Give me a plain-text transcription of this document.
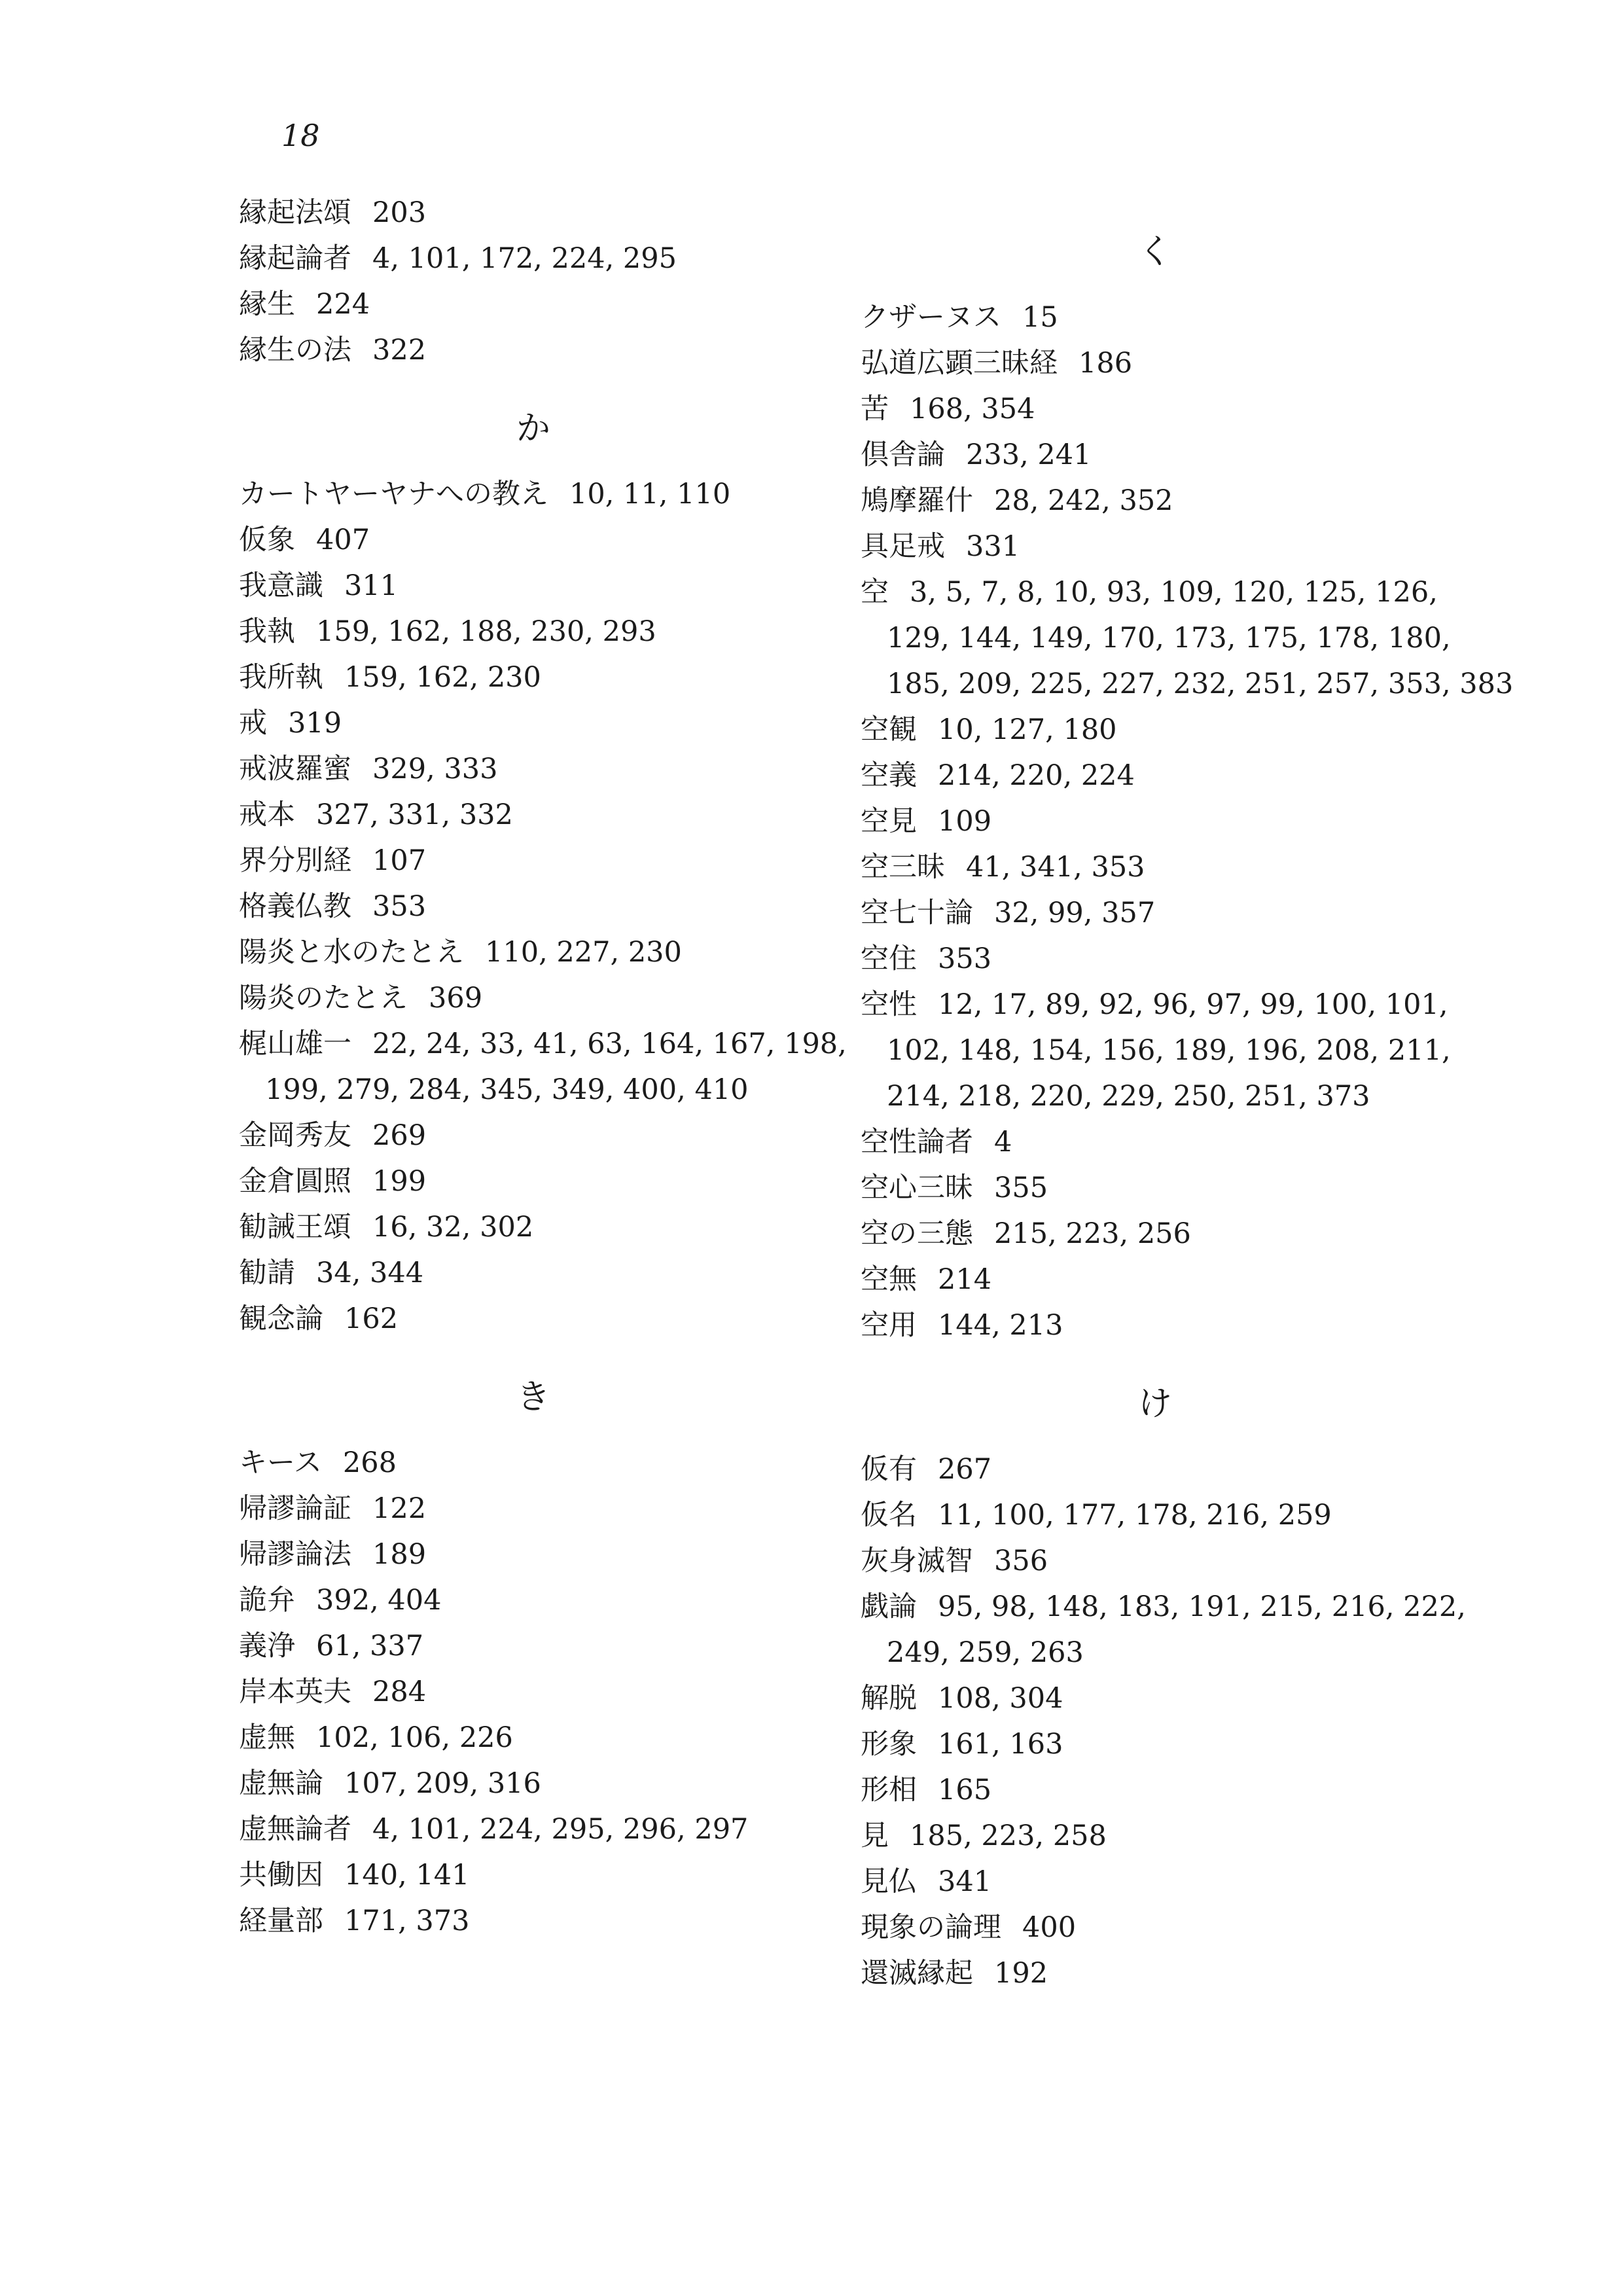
18
縁起法頌 203
縁起論者 4, 101, 172, 224, 295
縁生 224
縁生の法 322
か
カートヤーヤナへの教え 10, 11, 110
仮象 407
我意識 311
我執 159, 162, 188, 230, 293
我所執 159, 162, 230
戒 319
戒波羅蜜 329, 333
戒本 327, 331, 332
界分別経 107
格義仏教 353
陽炎と水のたとえ 110, 227, 230
陽炎のたとえ 369
梶山雄一 22, 24, 33, 41, 63, 164, 167, 198,
199, 279, 284, 345, 349, 400, 410
金岡秀友 269
金倉圓照 199
勧誡王頌 16, 32, 302
勧請 34, 344
観念論 162
き
キース 268
帰謬論証 122
帰謬論法 189
詭弁 392, 404
義浄 61, 337
岸本英夫 284
虚無 102, 106, 226
虚無論 107, 209, 316
虚無論者 4, 101, 224, 295, 296, 297
共働因 140, 141
経量部 171, 373
く
クザーヌス 15
弘道広顕三昧経 186
苦 168, 354
倶舎論 233, 241
鳩摩羅什 28, 242, 352
具足戒 331
空 3, 5, 7, 8, 10, 93, 109, 120, 125, 126,
129, 144, 149, 170, 173, 175, 178, 180,
185, 209, 225, 227, 232, 251, 257, 353, 383
空観 10, 127, 180
空義 214, 220, 224
空見 109
空三昧 41, 341, 353
空七十論 32, 99, 357
空住 353
空性 12, 17, 89, 92, 96, 97, 99, 100, 101,
102, 148, 154, 156, 189, 196, 208, 211,
214, 218, 220, 229, 250, 251, 373
空性論者 4
空心三昧 355
空の三態 215, 223, 256
空無 214
空用 144, 213
け
仮有 267
仮名 11, 100, 177, 178, 216, 259
灰身滅智 356
戯論 95, 98, 148, 183, 191, 215, 216, 222,
249, 259, 263
解脱 108, 304
形象 161, 163
形相 165
見 185, 223, 258
見仏 341
現象の論理 400
還滅縁起 192
